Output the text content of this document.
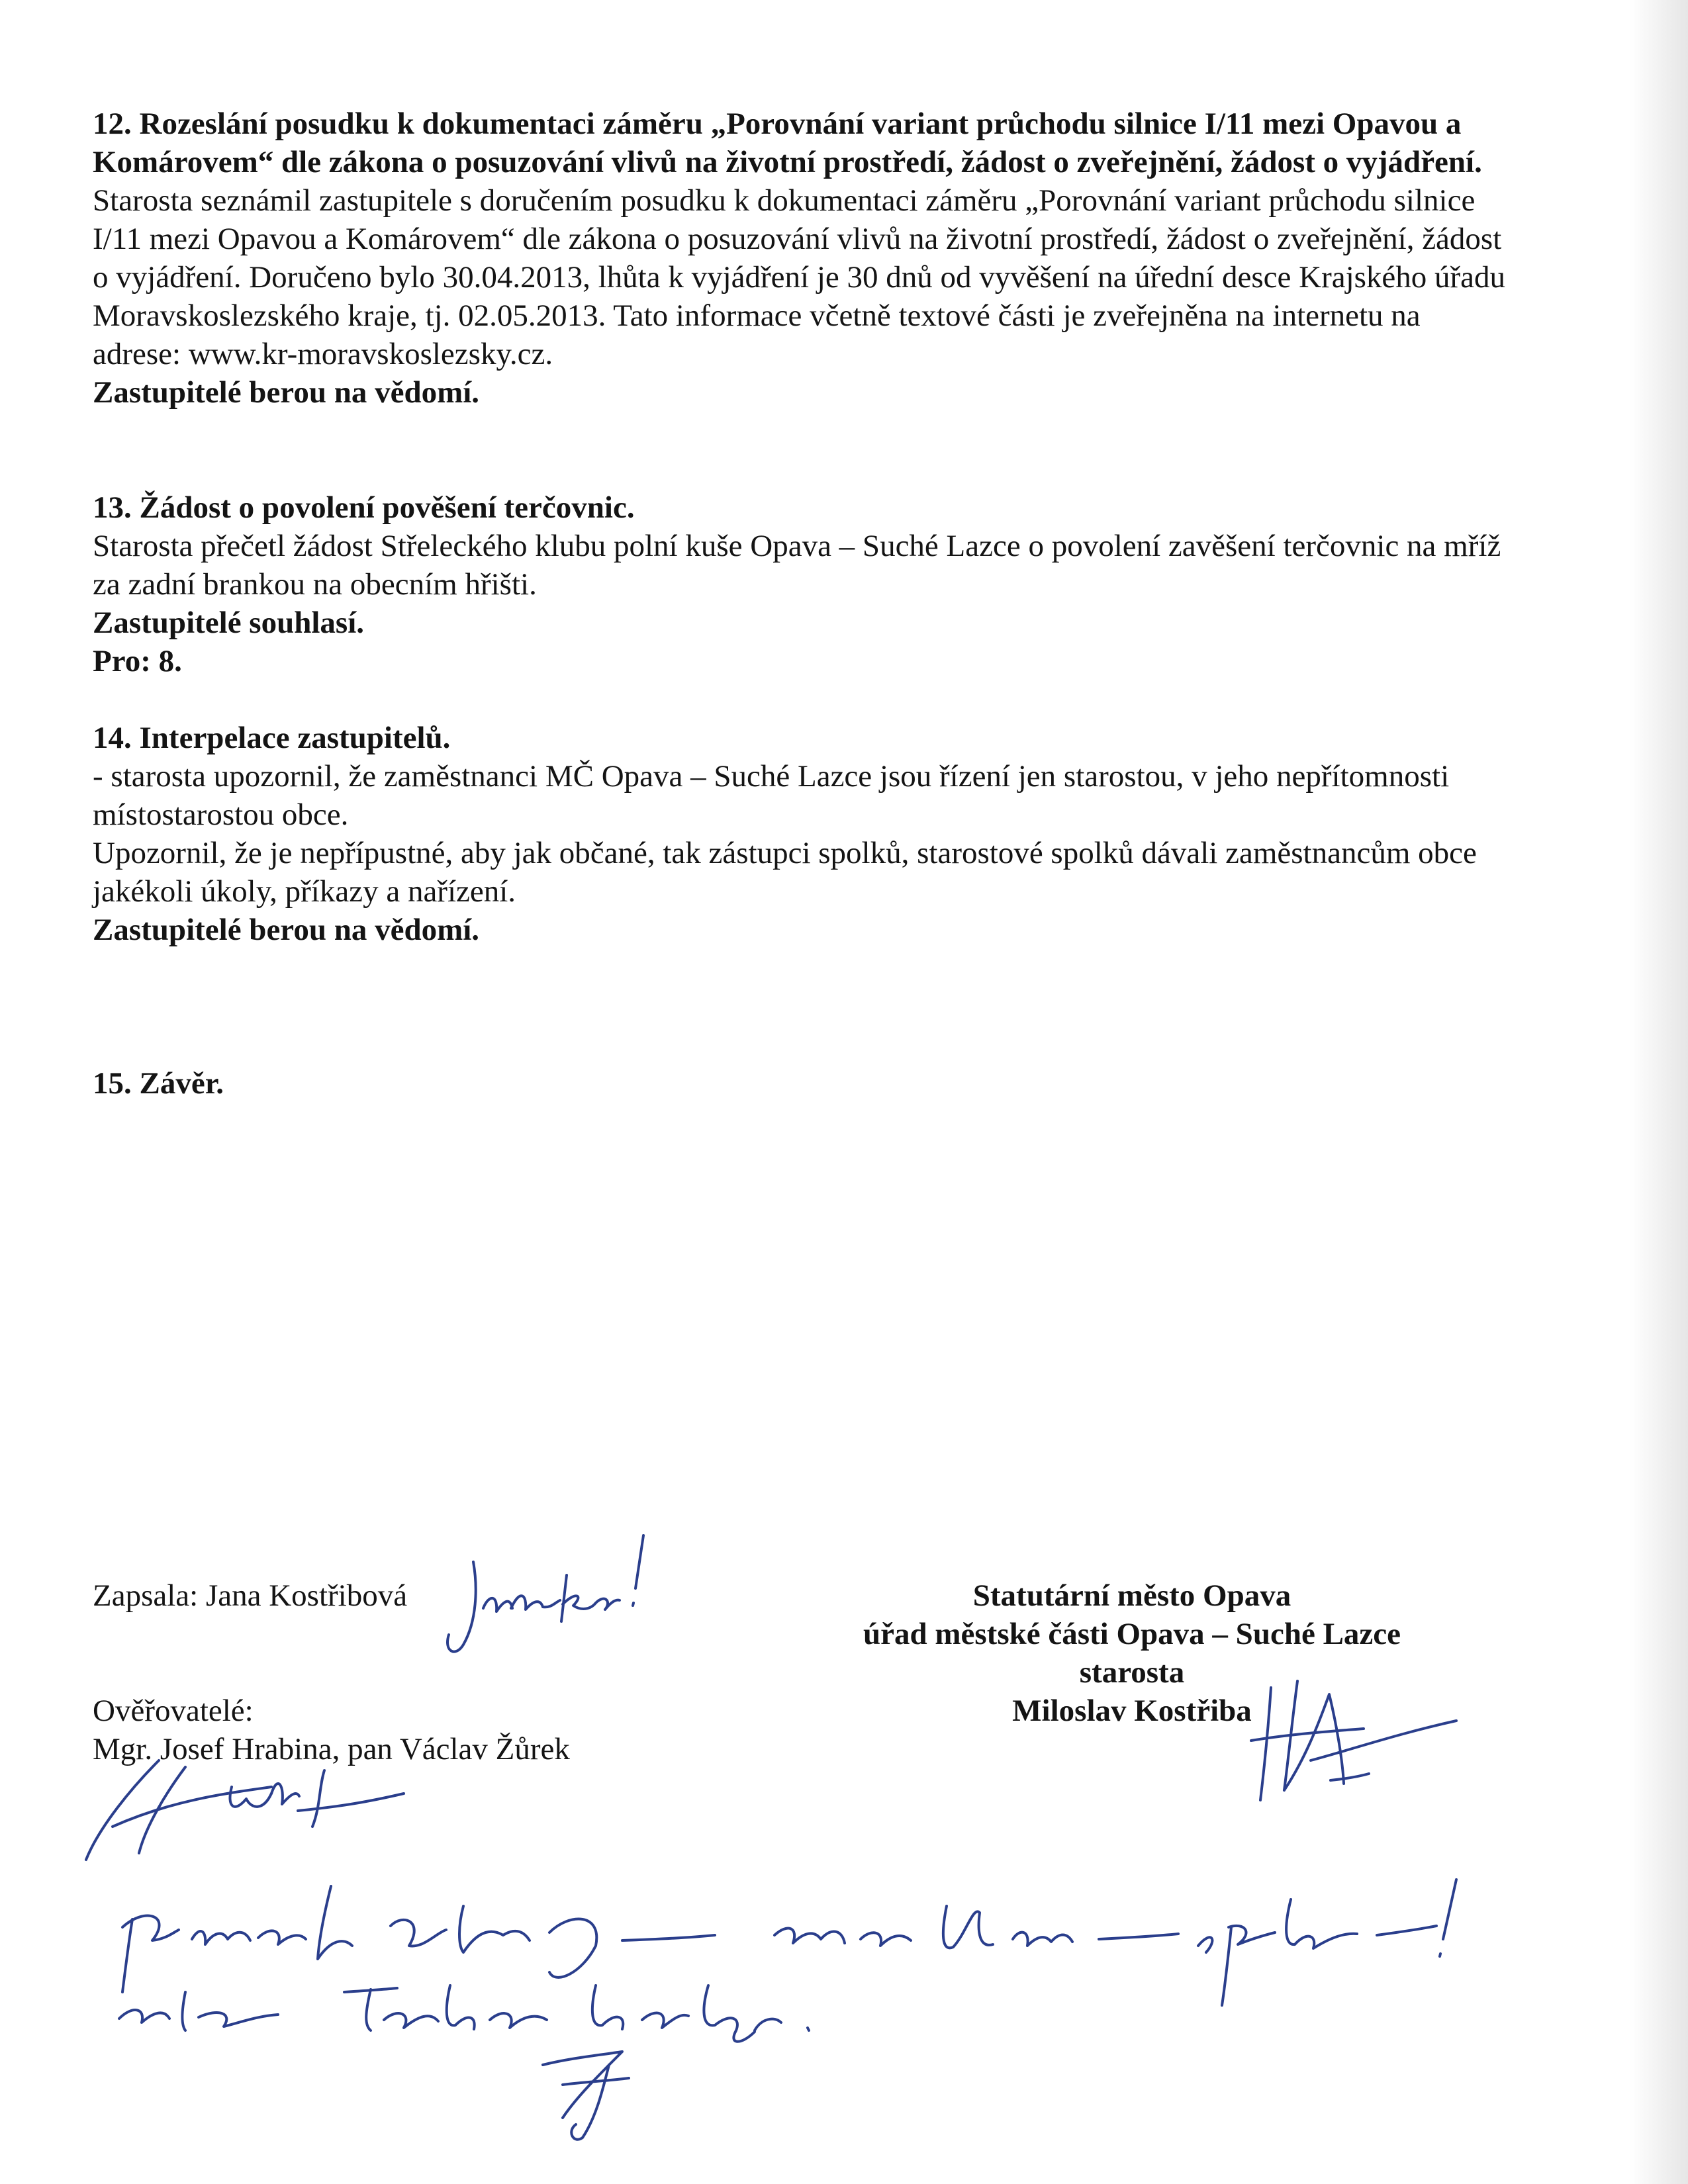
12. Rozeslání posudku k dokumentaci záměru „Porovnání variant průchodu silnice I/11 mezi Opavou a Komárovem“ dle zákona o posuzování vlivů na životní prostředí, žádost o zveřejnění, žádost o vyjádření.

Starosta seznámil zastupitele s doručením posudku k dokumentaci záměru „Porovnání variant průchodu silnice I/11 mezi Opavou a Komárovem“ dle zákona o posuzování vlivů na životní prostředí, žádost o zveřejnění, žádost o vyjádření. Doručeno bylo 30.04.2013, lhůta k vyjádření je 30 dnů od vyvěšení na úřední desce Krajského úřadu Moravskoslezského kraje, tj. 02.05.2013. Tato informace včetně textové části je zveřejněna na internetu na adrese: www.kr-moravskoslezsky.cz.

Zastupitelé berou na vědomí.

13. Žádost o povolení pověšení terčovnic.

Starosta přečetl žádost Střeleckého klubu polní kuše Opava – Suché Lazce o povolení zavěšení terčovnic na mříž za zadní brankou na obecním hřišti.

Zastupitelé souhlasí.

Pro: 8.

14. Interpelace zastupitelů.

- starosta upozornil, že zaměstnanci MČ Opava – Suché Lazce jsou řízení jen starostou, v jeho nepřítomnosti místostarostou obce.

Upozornil, že je nepřípustné, aby jak občané, tak zástupci spolků, starostové spolků dávali zaměstnancům obce jakékoli úkoly, příkazy a nařízení.

Zastupitelé berou na vědomí.

15. Závěr.

Zapsala: Jana Kostřibová

Ověřovatelé:

Mgr. Josef Hrabina, pan Václav Žůrek

Statutární město Opava

úřad městské části Opava – Suché Lazce

starosta

Miloslav Kostřiba
